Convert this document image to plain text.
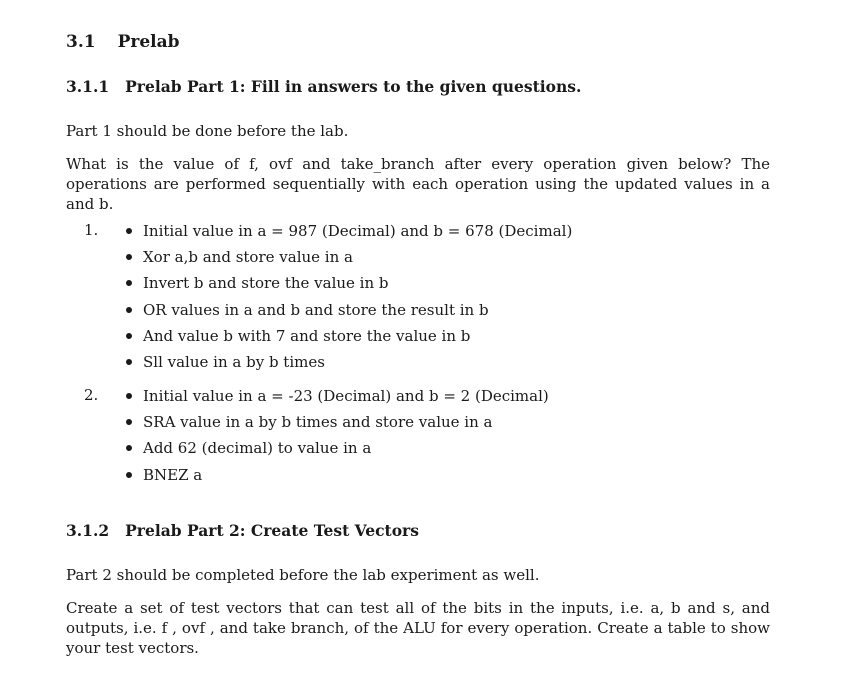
3.1 Prelab
3.1.1 Prelab Part 1: Fill in answers to the given questions.
Part 1 should be done before the lab.
What is the value of f, ovf and take_branch after every operation given below? The operations are performed sequentially with each operation using the updated values in a and b.
1.	Initial value in a = 987 (Decimal) and b = 678 (Decimal)
Xor a,b and store value in a
Invert b and store the value in b
OR values in a and b and store the result in b
And value b with 7 and store the value in b
Sll value in a by b times
2.	Initial value in a = -23 (Decimal) and b = 2 (Decimal)
SRA value in a by b times and store value in a
Add 62 (decimal) to value in a
BNEZ a
3.1.2 Prelab Part 2: Create Test Vectors
Part 2 should be completed before the lab experiment as well.
Create a set of test vectors that can test all of the bits in the inputs, i.e. a, b and s, and outputs, i.e. f , ovf , and take branch, of the ALU for every operation. Create a table to show your test vectors.
